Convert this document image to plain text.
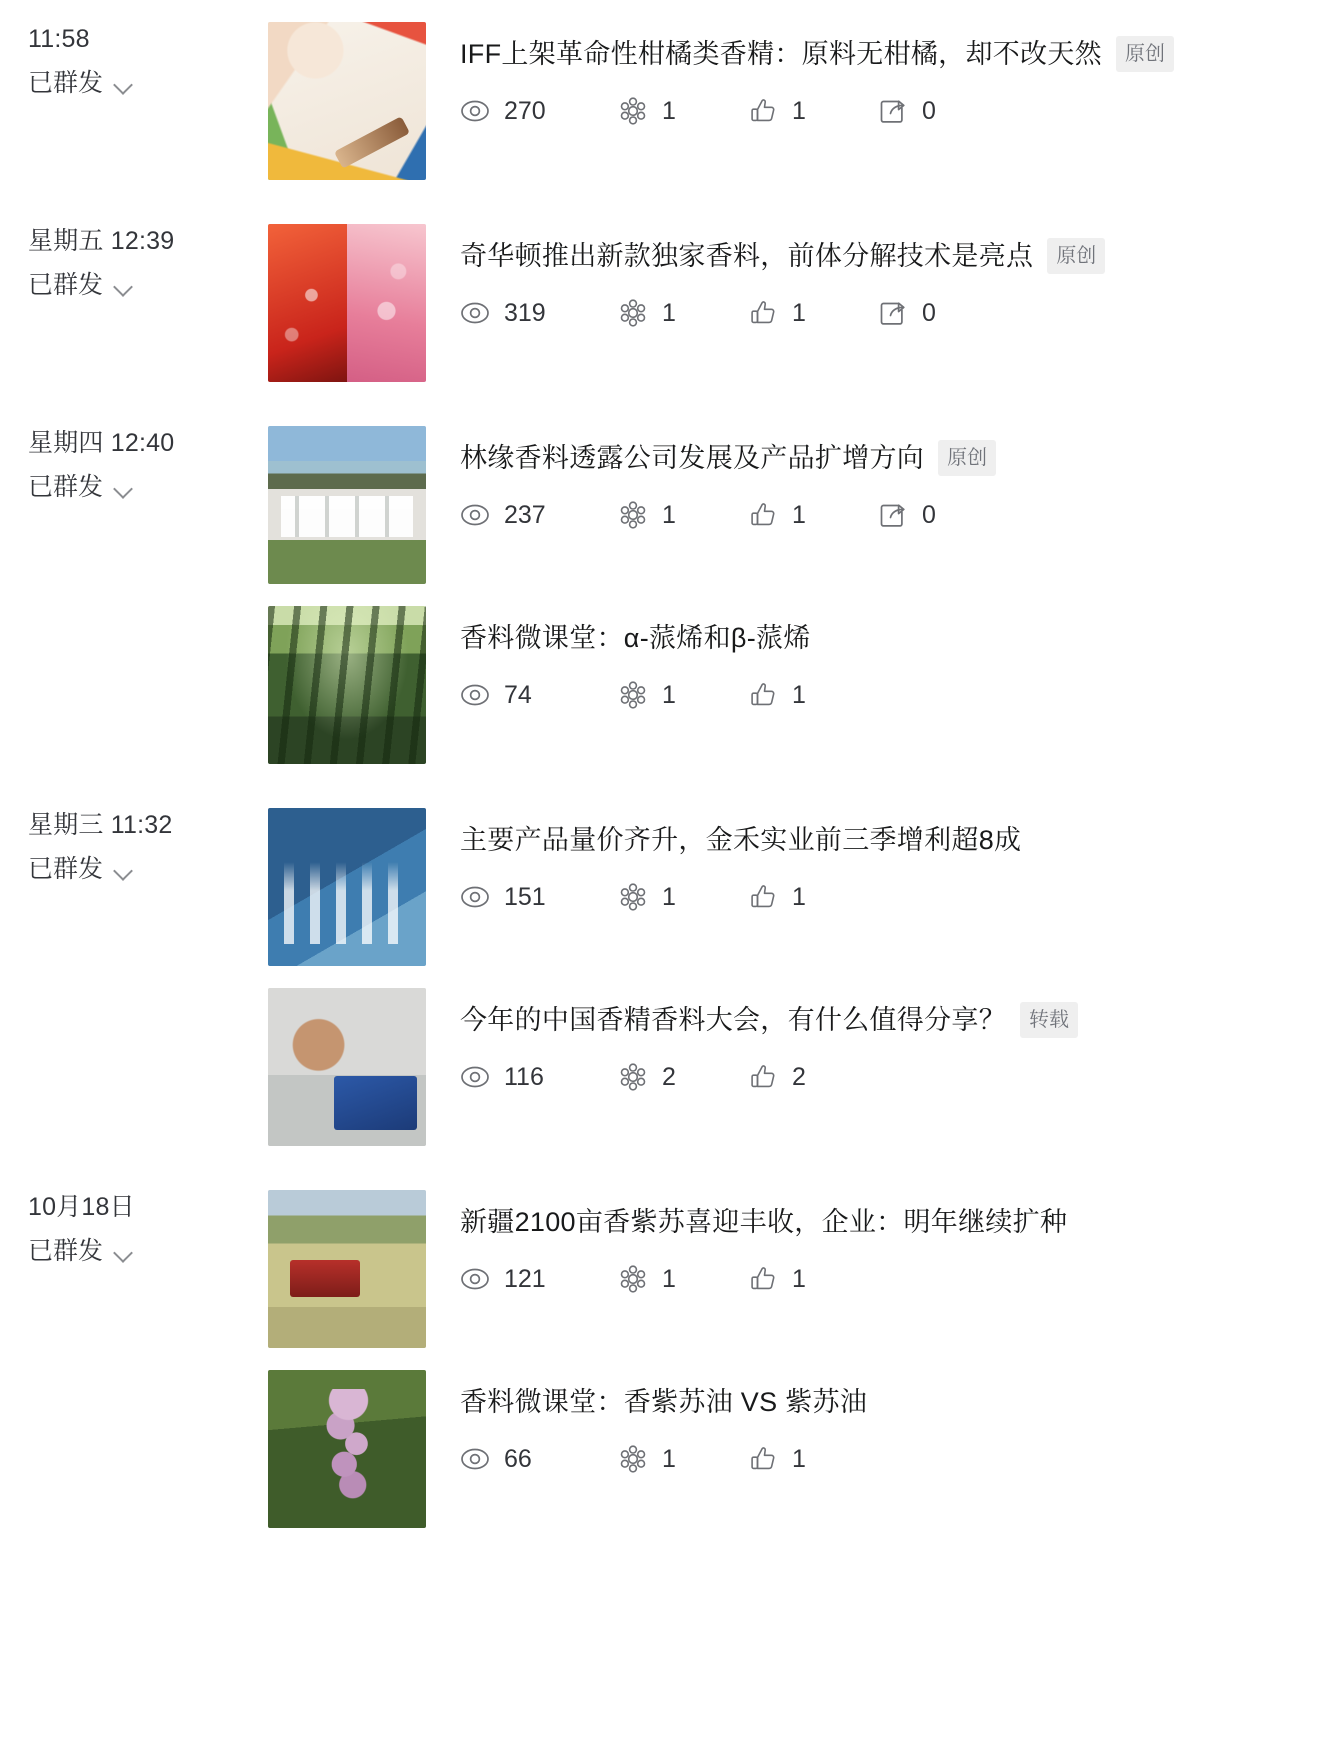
11:58
已群发
IFF上架革命性柑橘类香精：原料无柑橘，却不改天然	原创
270	1	1	0
星期五 12:39
已群发
奇华顿推出新款独家香料，前体分解技术是亮点	原创
319	1	1	0
星期四 12:40
已群发
林缘香料透露公司发展及产品扩增方向	原创
237	1	1	0
香料微课堂：α-蒎烯和β-蒎烯
74	1	1
星期三 11:32
已群发
主要产品量价齐升，金禾实业前三季增利超8成
151	1	1
今年的中国香精香料大会，有什么值得分享？	转载
116	2	2
10月18日
已群发
新疆2100亩香紫苏喜迎丰收，企业：明年继续扩种
121	1	1
香料微课堂：香紫苏油 VS 紫苏油
66	1	1
